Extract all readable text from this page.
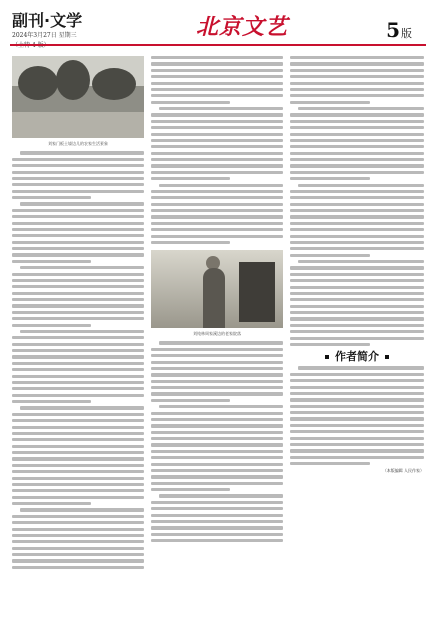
副刊·文学
2024年3月27日 星期三	北京文艺	5版
刘家门板土墙边儿的农家生活景象
刘纯林周家溪边的老家院落
作者简介
（本版编辑 人民作家）
